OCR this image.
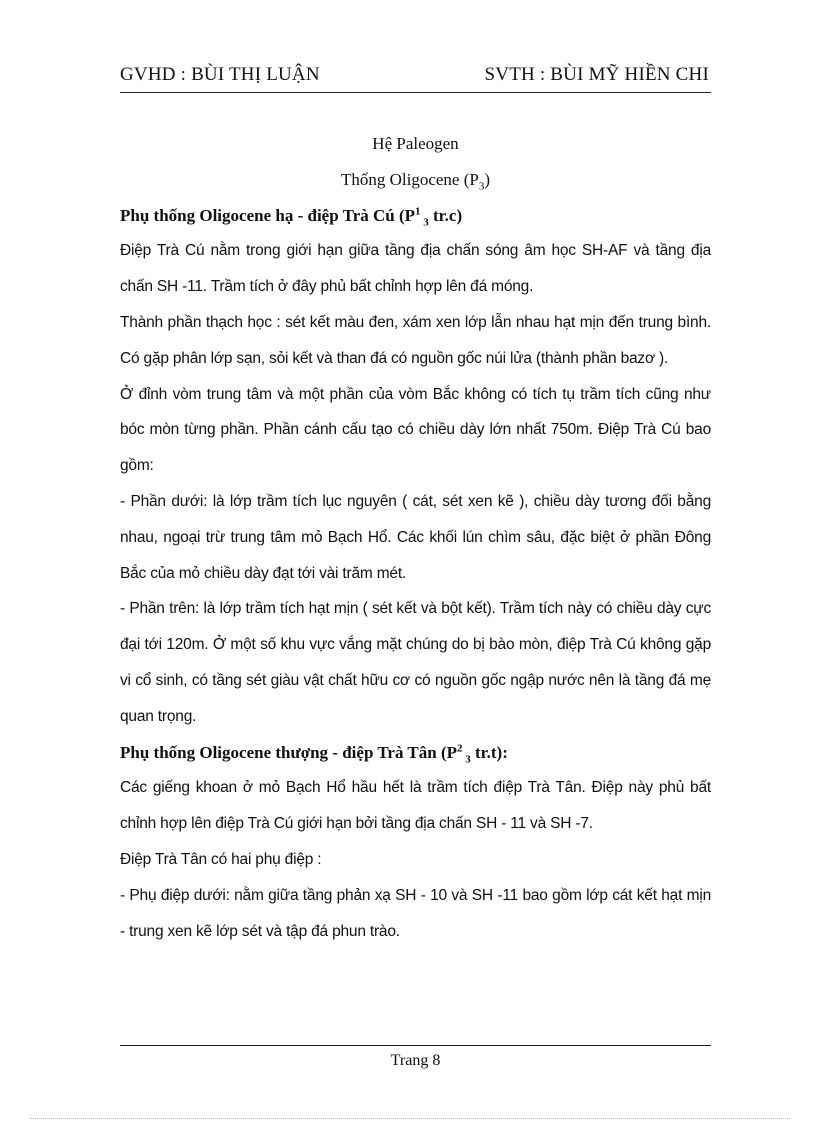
GVHD : BÙI THỊ LUẬN	SVTH : BÙI MỸ HIỀN CHI

Hệ Paleogen

Thống Oligocene $(P_3)$

Phụ thống Oligocene hạ - điệp Trà Cú ($P^1$ $_3$ tr.c)

Điệp Trà Cú nằm trong giới hạn giữa tầng địa chấn sóng âm học SH-AF và tầng địa chấn SH -11. Trầm tích ở đây phủ bất chỉnh hợp lên đá móng.

Thành phần thạch học : sét kết màu đen, xám xen lớp lẫn nhau hạt mịn đến trung bình. Có gặp phân lớp sạn, sỏi kết và than đá có nguồn gốc núi lửa (thành phần bazơ ).

Ở đỉnh vòm trung tâm và một phần của vòm Bắc không có tích tụ trầm tích cũng như bóc mòn từng phần. Phần cánh cấu tạo có chiều dày lớn nhất 750m. Điệp Trà Cú bao gồm:

- Phần dưới: là lớp trầm tích lục nguyên ( cát, sét xen kẽ ), chiều dày tương đối bằng nhau, ngoại trừ trung tâm mỏ Bạch Hổ. Các khối lún chìm sâu, đặc biệt ở phần Đông Bắc của mỏ chiều dày đạt tới vài trăm mét.

- Phần trên: là lớp trầm tích hạt mịn ( sét kết và bột kết). Trầm tích này có chiều dày cực đại tới 120m. Ở một số khu vực vắng mặt chúng do bị bào mòn, điệp Trà Cú không gặp vi cổ sinh, có tầng sét giàu vật chất hữu cơ có nguồn gốc ngập nước nên là tầng đá mẹ quan trọng.

Phụ thống Oligocene thượng - điệp Trà Tân ($P^2$ $_3$ tr.t):

Các giếng khoan ở mỏ Bạch Hổ hầu hết là trầm tích điệp Trà Tân. Điệp này phủ bất chỉnh hợp lên điệp Trà Cú giới hạn bởi tầng địa chấn SH - 11 và SH -7.

Điệp Trà Tân có hai phụ điệp :

- Phụ điệp dưới: nằm giữa tầng phản xạ SH - 10 và SH -11 bao gồm lớp cát kết hạt mịn - trung xen kẽ lớp sét và tập đá phun trào.

Trang 8
